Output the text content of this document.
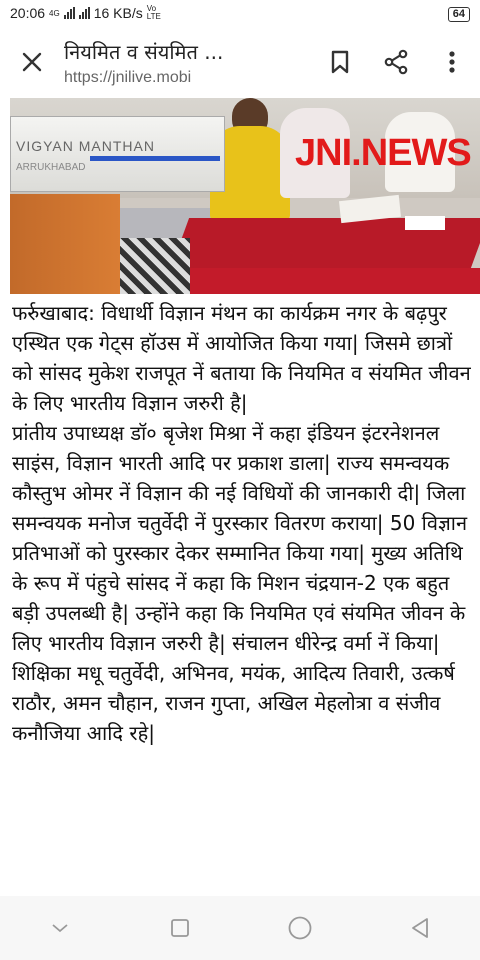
20:06 4G 16 KB/s Vo LTE	64
नियमित व संयमित ...
https://jnilive.mobi
VIGYAN MANTHAN
ARRUKHABAD	JNI.NEWS

फर्रुखाबाद: विधार्थी विज्ञान मंथन का कार्यक्रम नगर के बढ़पुर एस्थित एक गेट्स हॉउस में आयोजित किया गया| जिसमे छात्रों को सांसद मुकेश राजपूत नें बताया कि नियमित व संयमित जीवन के लिए भारतीय विज्ञान जरुरी है|

प्रांतीय उपाध्यक्ष डॉ० बृजेश मिश्रा नें कहा इंडियन इंटरनेशनल साइंस, विज्ञान भारती आदि पर प्रकाश डाला| राज्य समन्वयक कौस्तुभ ओमर नें विज्ञान की नई विधियों की जानकारी दी| जिला समन्वयक मनोज चतुर्वेदी नें पुरस्कार वितरण कराया| 50 विज्ञान प्रतिभाओं को पुरस्कार देकर सम्मानित किया गया| मुख्य अतिथि के रूप में पंहुचे सांसद नें कहा कि मिशन चंद्रयान-2 एक बहुत बड़ी उपलब्धी है| उन्होंने कहा कि नियमित एवं संयमित जीवन के लिए भारतीय विज्ञान जरुरी है| संचालन धीरेन्द्र वर्मा नें किया| शिक्षिका मधू चतुर्वेदी, अभिनव, मयंक, आदित्य तिवारी, उत्कर्ष राठौर, अमन चौहान, राजन गुप्ता, अखिल मेहलोत्रा व संजीव कनौजिया आदि रहे|
